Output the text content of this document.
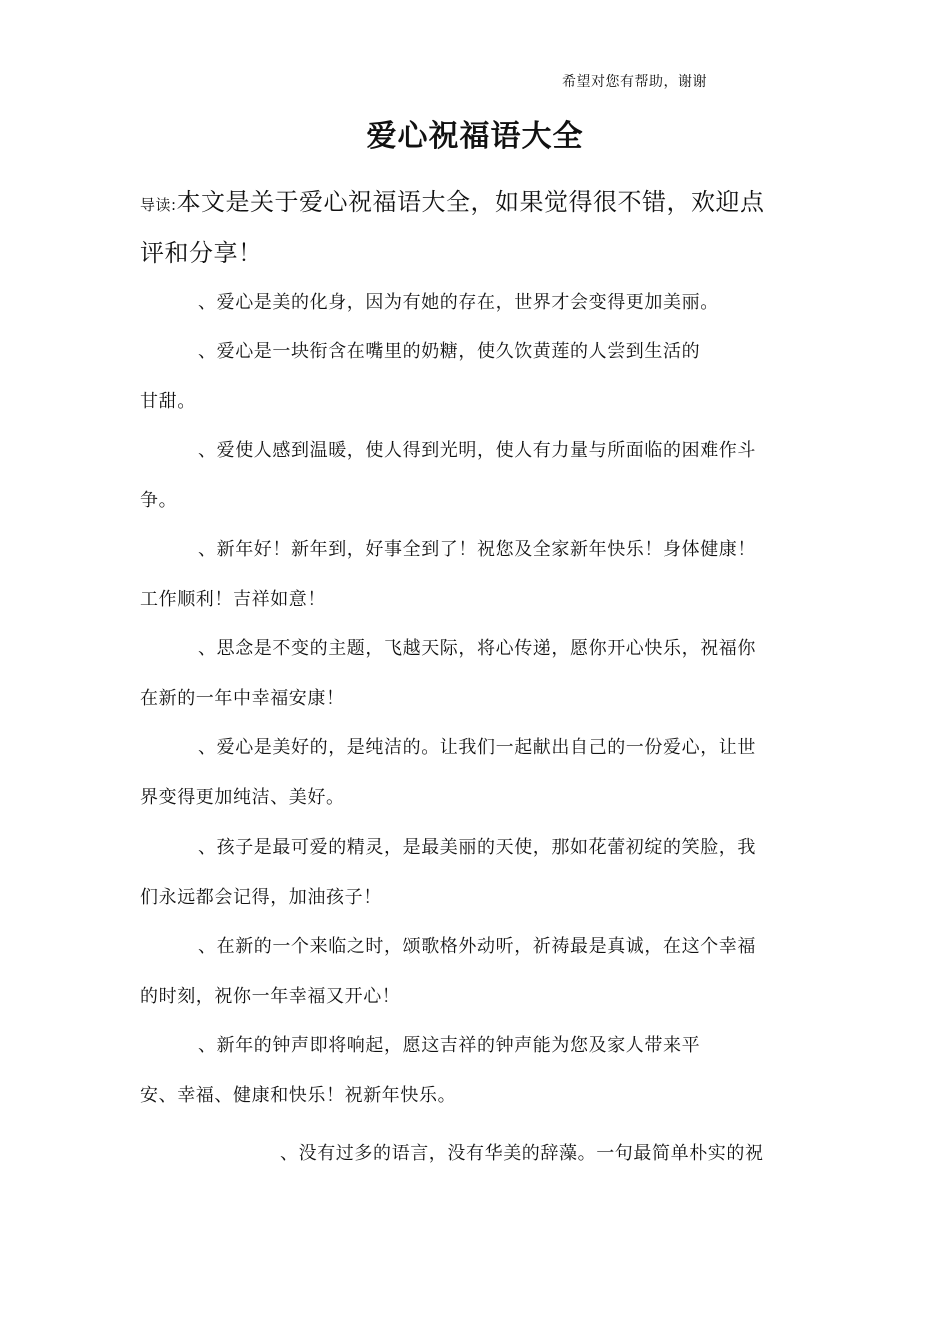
希望对您有帮助，谢谢
爱心祝福语大全
导读:本文是关于爱心祝福语大全，如果觉得很不错，欢迎点
评和分享！
、爱心是美的化身，因为有她的存在，世界才会变得更加美丽。
、爱心是一块衔含在嘴里的奶糖，使久饮黄莲的人尝到生活的
甘甜。
、爱使人感到温暖，使人得到光明，使人有力量与所面临的困难作斗
争。
、新年好！新年到，好事全到了！祝您及全家新年快乐！身体健康！
工作顺利！吉祥如意！
、思念是不变的主题，飞越天际，将心传递，愿你开心快乐，祝福你
在新的一年中幸福安康！
、爱心是美好的，是纯洁的。让我们一起献出自己的一份爱心，让世
界变得更加纯洁、美好。
、孩子是最可爱的精灵，是最美丽的天使，那如花蕾初绽的笑脸，我
们永远都会记得，加油孩子！
、在新的一个来临之时，颂歌格外动听，祈祷最是真诚，在这个幸福
的时刻，祝你一年幸福又开心！
、新年的钟声即将响起，愿这吉祥的钟声能为您及家人带来平
安、幸福、健康和快乐！祝新年快乐。
、没有过多的语言，没有华美的辞藻。一句最简单朴实的祝
